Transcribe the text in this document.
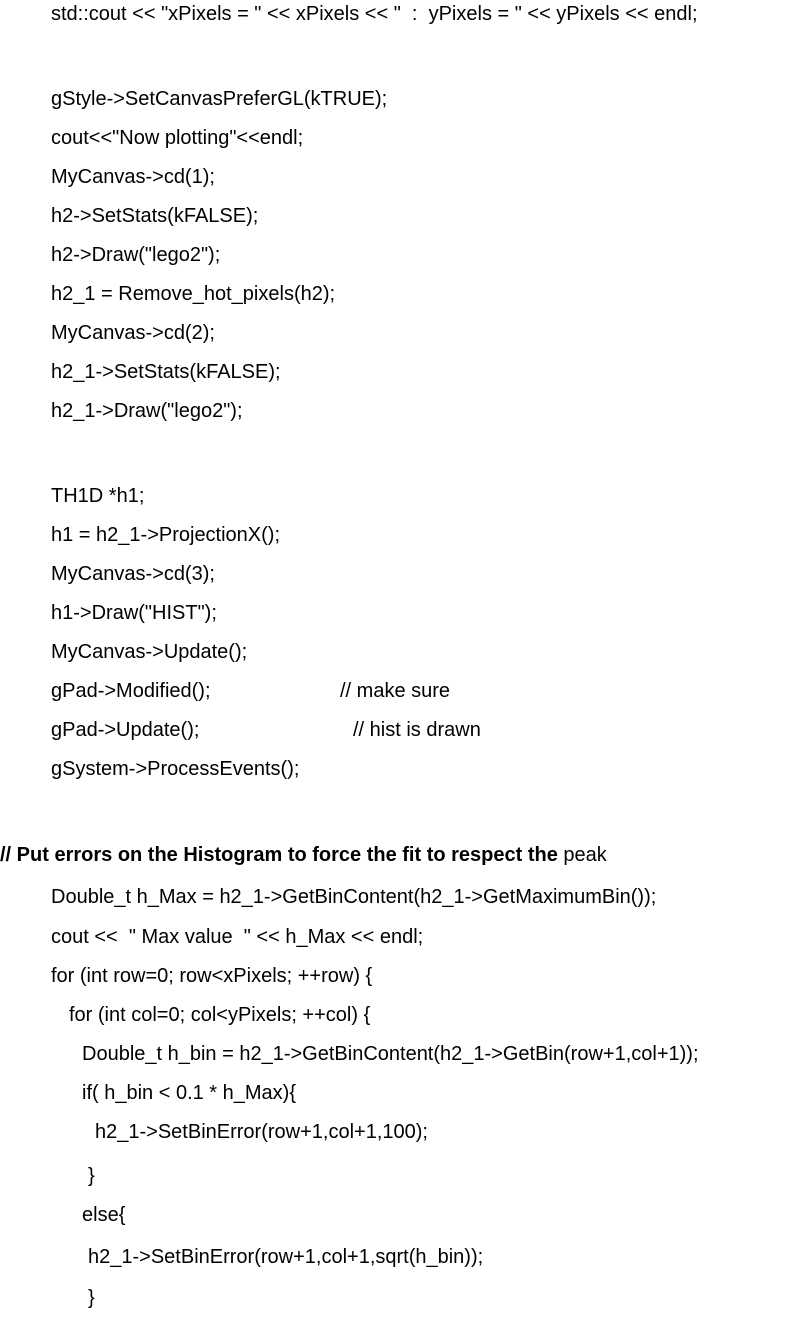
std::cout << "xPixels = " << xPixels << "  :  yPixels = " << yPixels << endl;
gStyle->SetCanvasPreferGL(kTRUE);
cout<<"Now plotting"<<endl;
MyCanvas->cd(1);
h2->SetStats(kFALSE);
h2->Draw("lego2");
h2_1 = Remove_hot_pixels(h2);
MyCanvas->cd(2);
h2_1->SetStats(kFALSE);
h2_1->Draw("lego2");
TH1D *h1;
h1 = h2_1->ProjectionX();
MyCanvas->cd(3);
h1->Draw("HIST");
MyCanvas->Update();
gPad->Modified();	// make sure
gPad->Update();	// hist is drawn
gSystem->ProcessEvents();
// Put errors on the Histogram to force the fit to respect the peak
Double_t h_Max = h2_1->GetBinContent(h2_1->GetMaximumBin());
cout <<  " Max value  " << h_Max << endl;
for (int row=0; row<xPixels; ++row) {
for (int col=0; col<yPixels; ++col) {
Double_t h_bin = h2_1->GetBinContent(h2_1->GetBin(row+1,col+1));
if( h_bin < 0.1 * h_Max){
h2_1->SetBinError(row+1,col+1,100);
}
else{
h2_1->SetBinError(row+1,col+1,sqrt(h_bin));
}
